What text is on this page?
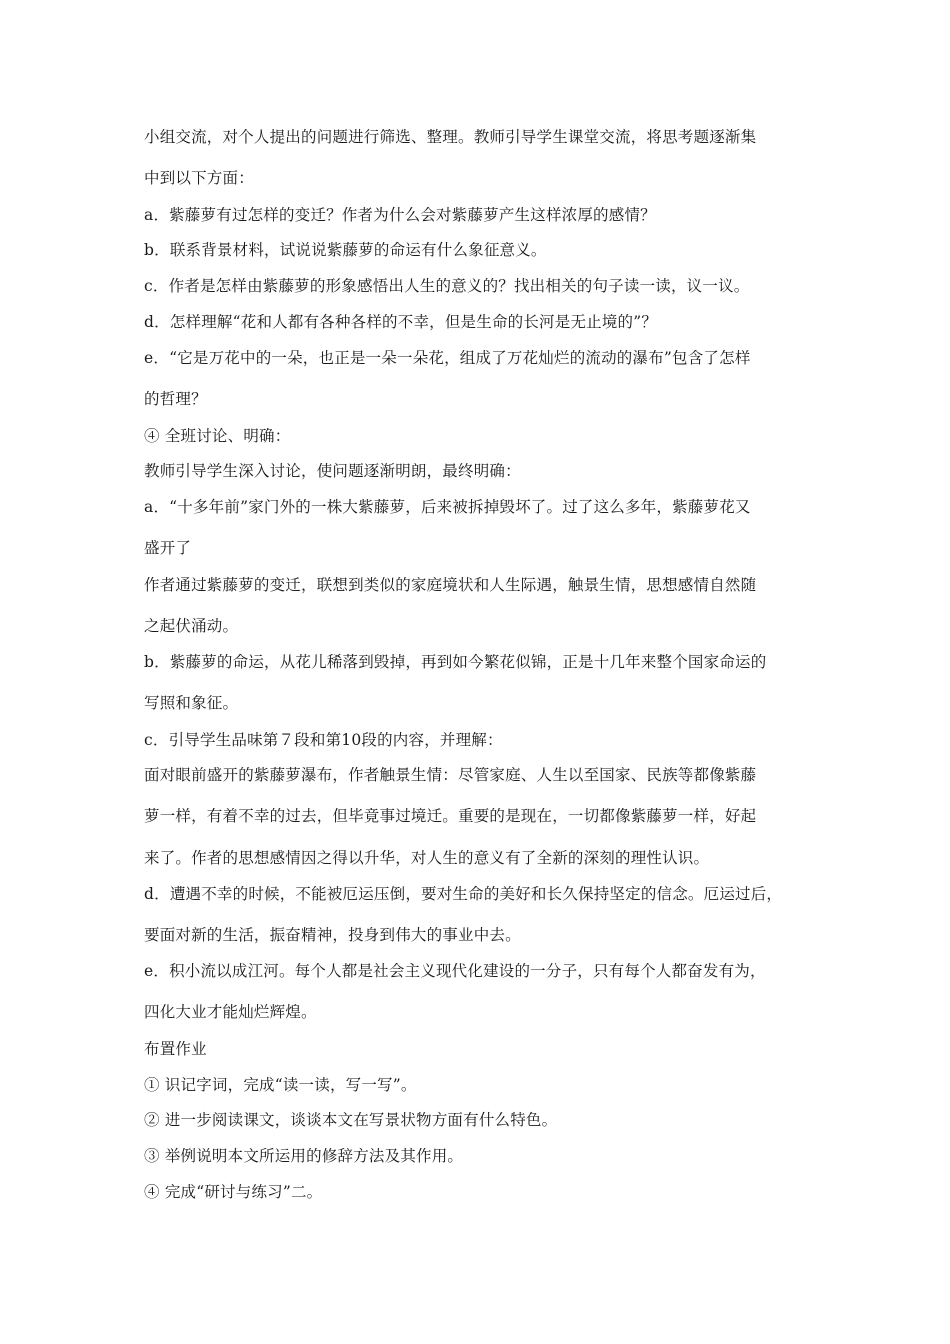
小组交流，对个人提出的问题进行筛选、整理。教师引导学生课堂交流，将思考题逐渐集
中到以下方面：
a．紫藤萝有过怎样的变迁？作者为什么会对紫藤萝产生这样浓厚的感情？
b．联系背景材料，试说说紫藤萝的命运有什么象征意义。
c．作者是怎样由紫藤萝的形象感悟出人生的意义的？找出相关的句子读一读，议一议。
d．怎样理解“花和人都有各种各样的不幸，但是生命的长河是无止境的”？
e．“它是万花中的一朵，也正是一朵一朵花，组成了万花灿烂的流动的瀑布”包含了怎样
的哲理？
④ 全班讨论、明确：
教师引导学生深入讨论，使问题逐渐明朗，最终明确：
a．“十多年前”家门外的一株大紫藤萝，后来被拆掉毁坏了。过了这么多年，紫藤萝花又
盛开了
作者通过紫藤萝的变迁，联想到类似的家庭境状和人生际遇，触景生情，思想感情自然随
之起伏涌动。
b．紫藤萝的命运，从花儿稀落到毁掉，再到如今繁花似锦，正是十几年来整个国家命运的
写照和象征。
c．引导学生品味第７段和第10段的内容，并理解：
面对眼前盛开的紫藤萝瀑布，作者触景生情：尽管家庭、人生以至国家、民族等都像紫藤
萝一样，有着不幸的过去，但毕竟事过境迁。重要的是现在，一切都像紫藤萝一样，好起
来了。作者的思想感情因之得以升华，对人生的意义有了全新的深刻的理性认识。
d．遭遇不幸的时候，不能被厄运压倒，要对生命的美好和长久保持坚定的信念。厄运过后，
要面对新的生活，振奋精神，投身到伟大的事业中去。
e．积小流以成江河。每个人都是社会主义现代化建设的一分子，只有每个人都奋发有为，
四化大业才能灿烂辉煌。
布置作业
① 识记字词，完成“读一读，写一写”。
② 进一步阅读课文，谈谈本文在写景状物方面有什么特色。
③ 举例说明本文所运用的修辞方法及其作用。
④ 完成“研讨与练习”二。
